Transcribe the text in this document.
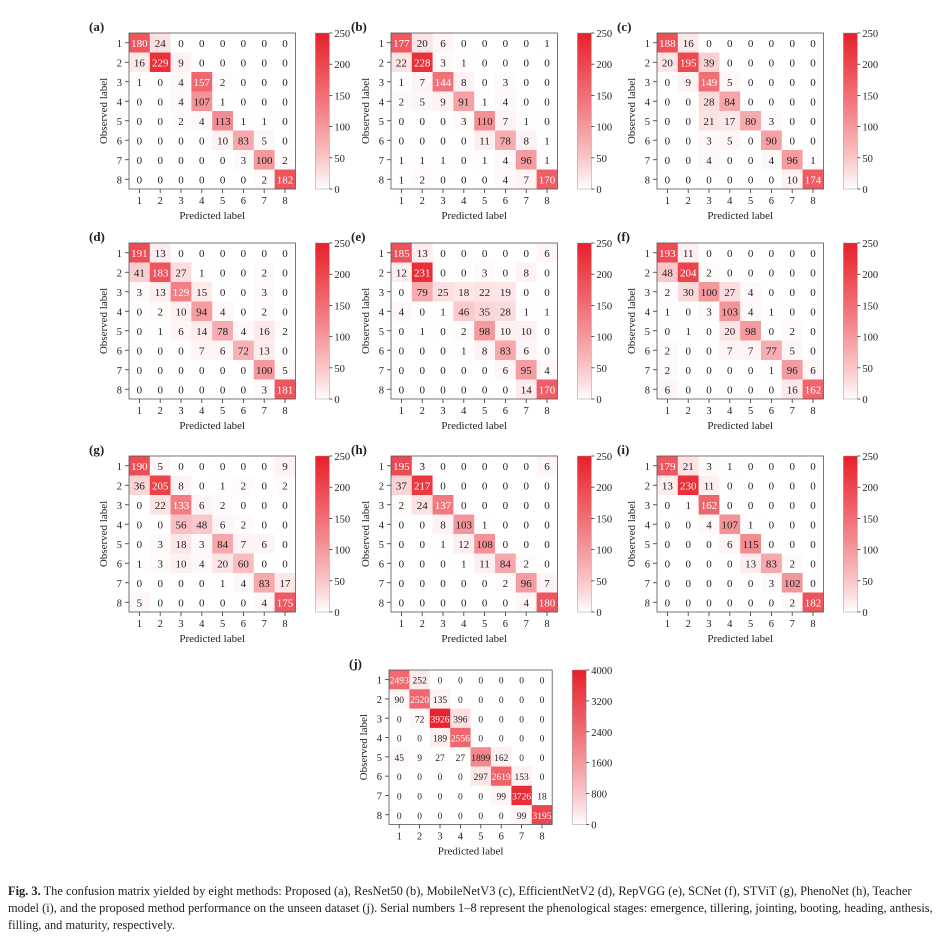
(a)
180 24 0 0 0 0 0 0
16 229 9 0 0 0 0 0
1 0 4 157 2 0 0 0
0 0 4 107 1 0 0 0
0 0 2 4 113 1 1 0
0 0 0 0 10 83 5 0
0 0 0 0 0 3 100 2
0 0 0 0 0 0 2 182
1
1
2
2
3
3
4
4
5
5
6
6
7
7
8
8
Predicted label
Observed label
0
50
100
150
200
250
(b)
177 20 6 0 0 0 0 1
22 228 3 1 0 0 0 0
1 7 144 8 0 3 0 0
2 5 9 91 1 4 0 0
0 0 0 3 110 7 1 0
0 0 0 0 11 78 8 1
1 1 1 0 1 4 96 1
1 2 0 0 0 4 7 170
1
1
2
2
3
3
4
4
5
5
6
6
7
7
8
8
Predicted label
Observed label
0
50
100
150
200
250
(c)
188 16 0 0 0 0 0 0
20 195 39 0 0 0 0 0
0 9 149 5 0 0 0 0
0 0 28 84 0 0 0 0
0 0 21 17 80 3 0 0
0 0 3 5 0 90 0 0
0 0 4 0 0 4 96 1
0 0 0 0 0 0 10 174
1
1
2
2
3
3
4
4
5
5
6
6
7
7
8
8
Predicted label
Observed label
0
50
100
150
200
250
(d)
191 13 0 0 0 0 0 0
41 183 27 1 0 0 2 0
3 13 129 15 0 0 3 0
0 2 10 94 4 0 2 0
0 1 6 14 78 4 16 2
0 0 0 7 6 72 13 0
0 0 0 0 0 0 100 5
0 0 0 0 0 0 3 181
1
1
2
2
3
3
4
4
5
5
6
6
7
7
8
8
Predicted label
Observed label
0
50
100
150
200
250
(e)
185 13 0 0 0 0 0 6
12 231 0 0 3 0 8 0
0 79 25 18 22 19 0 0
4 0 1 46 35 28 1 1
0 1 0 2 98 10 10 0
0 0 0 1 8 83 6 0
0 0 0 0 0 6 95 4
0 0 0 0 0 0 14 170
1
1
2
2
3
3
4
4
5
5
6
6
7
7
8
8
Predicted label
Observed label
0
50
100
150
200
250
(f)
193 11 0 0 0 0 0 0
48 204 2 0 0 0 0 0
2 30 100 27 4 0 0 0
1 0 3 103 4 1 0 0
0 1 0 20 98 0 2 0
2 0 0 7 7 77 5 0
2 0 0 0 0 1 96 6
6 0 0 0 0 0 16 162
1
1
2
2
3
3
4
4
5
5
6
6
7
7
8
8
Predicted label
Observed label
0
50
100
150
200
250
(g)
190 5 0 0 0 0 0 9
36 205 8 0 1 2 0 2
0 22 133 6 2 0 0 0
0 0 56 48 6 2 0 0
0 3 18 3 84 7 6 0
1 3 10 4 20 60 0 0
0 0 0 0 1 4 83 17
5 0 0 0 0 0 4 175
1
1
2
2
3
3
4
4
5
5
6
6
7
7
8
8
Predicted label
Observed label
0
50
100
150
200
250
(h)
195 3 0 0 0 0 0 6
37 217 0 0 0 0 0 0
2 24 137 0 0 0 0 0
0 0 8 103 1 0 0 0
0 0 1 12 108 0 0 0
0 0 0 1 11 84 2 0
0 0 0 0 0 2 96 7
0 0 0 0 0 0 4 180
1
1
2
2
3
3
4
4
5
5
6
6
7
7
8
8
Predicted label
Observed label
0
50
100
150
200
250
(i)
179 21 3 1 0 0 0 0
13 230 11 0 0 0 0 0
0 1 162 0 0 0 0 0
0 0 4 107 1 0 0 0
0 0 0 6 115 0 0 0
0 0 0 0 13 83 2 0
0 0 0 0 0 3 102 0
0 0 0 0 0 0 2 182
1
1
2
2
3
3
4
4
5
5
6
6
7
7
8
8
Predicted label
Observed label
0
50
100
150
200
250
(j)
2493 252 0 0 0 0 0 0
90 2520 135 0 0 0 0 0
0 72 3926 396 0 0 0 0
0 0 189 2556 0 0 0 0
45 9 27 27 1899 162 0 0
0 0 0 0 297 2619 153 0
0 0 0 0 0 99 3726 18
0 0 0 0 0 0 99 3195
1
1
2
2
3
3
4
4
5
5
6
6
7
7
8
8
Predicted label
Observed label
0
800
1600
2400
3200
4000
Fig. 3. The confusion matrix yielded by eight methods: Proposed (a), ResNet50 (b), MobileNetV3 (c), EfficientNetV2 (d), RepVGG (e), SCNet (f), STViT (g), PhenoNet (h), Teacher model (i), and the proposed method performance on the unseen dataset (j). Serial numbers 1–8 represent the phenological stages: emergence, tillering, jointing, booting, heading, anthesis, filling, and maturity, respectively.
